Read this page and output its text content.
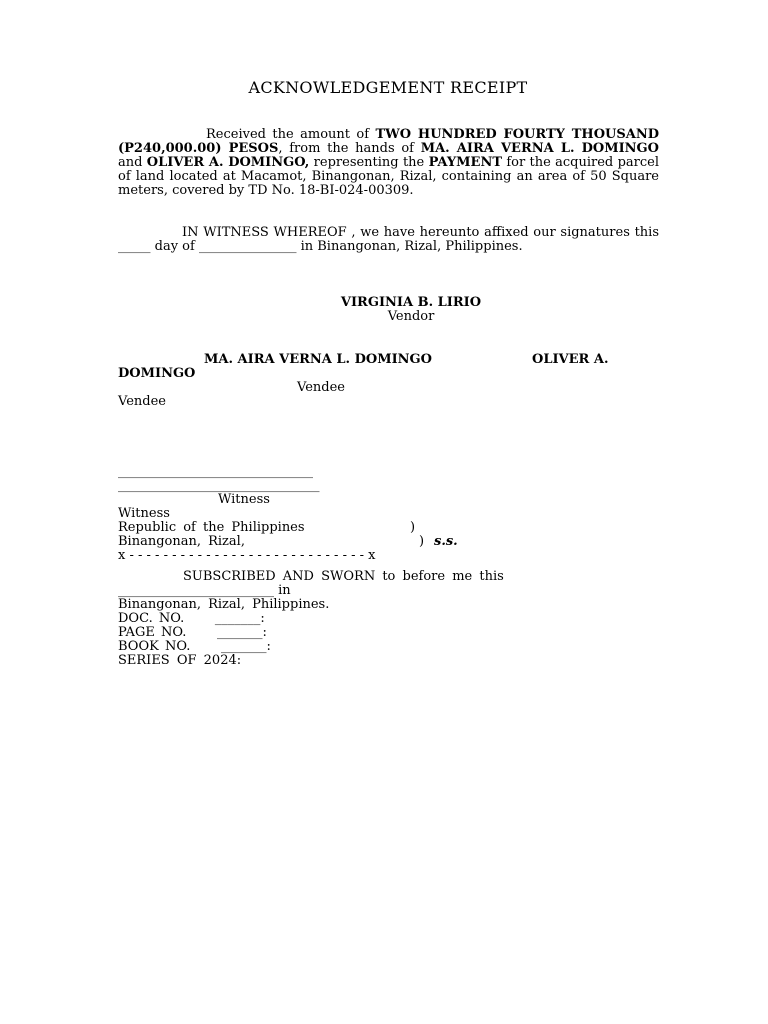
ACKNOWLEDGEMENT RECEIPT
Received the amount of TWO HUNDRED FOURTY THOUSAND (P240,000.00) PESOS, from the hands of MA. AIRA VERNA L. DOMINGO and OLIVER A. DOMINGO, representing the PAYMENT for the acquired parcel of land located at Macamot, Binangonan, Rizal, containing an area of 50 Square meters, covered by TD No. 18-BI-024-00309.
IN WITNESS WHEREOF , we have hereunto affixed our signatures this _____ day of _______________ in Binangonan, Rizal, Philippines.
VIRGINIA B. LIRIO
Vendor
MA. AIRA VERNA L. DOMINGO	OLIVER A.
DOMINGO
Vendee
Vendee
______________________________
_______________________________
Witness
Witness
Republic of the Philippines	)
Binangonan, Rizal,	) s.s.
x - - - - - - - - - - - - - - - - - - - - - - - - - - - - x
SUBSCRIBED AND SWORN to before me this
________________________ in
Binangonan, Rizal, Philippines.
DOC. NO.     _______:
PAGE NO.     _______:
BOOK NO.     _______:
SERIES OF 2024:
